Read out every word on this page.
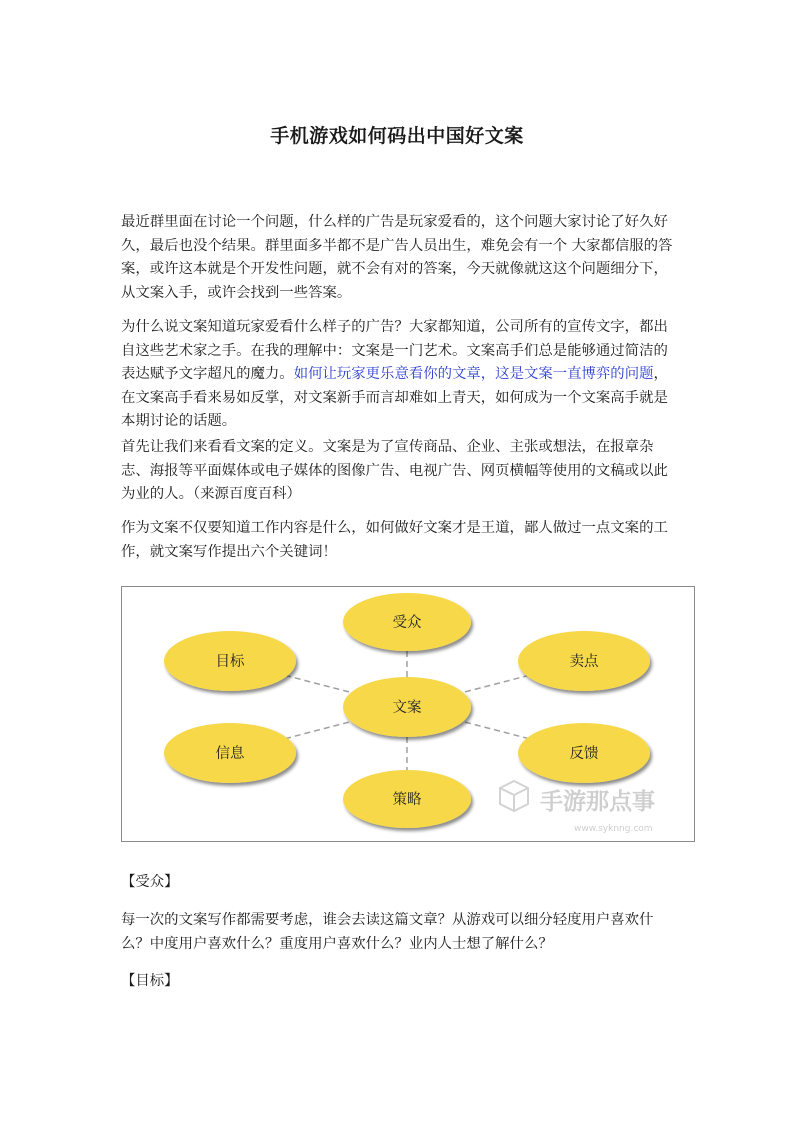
手机游戏如何码出中国好文案

最近群里面在讨论一个问题，什么样的广告是玩家爱看的，这个问题大家讨论了好久好久，最后也没个结果。群里面多半都不是广告人员出生，难免会有一个 大家都信服的答案，或许这本就是个开发性问题，就不会有对的答案，今天就像就这这个问题细分下，从文案入手，或许会找到一些答案。

为什么说文案知道玩家爱看什么样子的广告？大家都知道，公司所有的宣传文字，都出自这些艺术家之手。在我的理解中：文案是一门艺术。文案高手们总是能够通过简洁的表达赋予文字超凡的魔力。如何让玩家更乐意看你的文章，这是文案一直博弈的问题，在文案高手看来易如反掌，对文案新手而言却难如上青天，如何成为一个文案高手就是本期讨论的话题。

首先让我们来看看文案的定义。文案是为了宣传商品、企业、主张或想法，在报章杂志、海报等平面媒体或电子媒体的图像广告、电视广告、网页横幅等使用的文稿或以此为业的人。（来源百度百科）

作为文案不仅要知道工作内容是什么，如何做好文案才是王道，鄙人做过一点文案的工作，就文案写作提出六个关键词！

手游那点事
www.syknng.com
受众
目标
信息
文案
卖点
反馈
策略

【受众】

每一次的文案写作都需要考虑，谁会去读这篇文章？从游戏可以细分轻度用户喜欢什么？中度用户喜欢什么？重度用户喜欢什么？业内人士想了解什么？

【目标】
